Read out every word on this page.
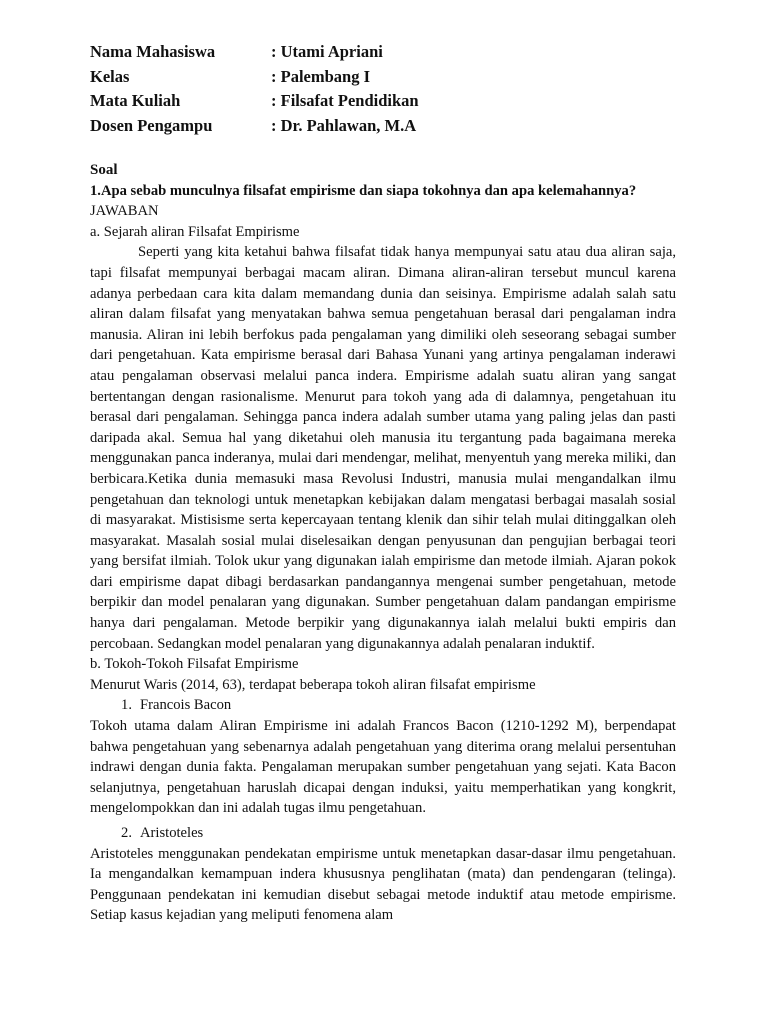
Nama Mahasiswa	: Utami Apriani
Kelas	: Palembang I
Mata Kuliah	: Filsafat Pendidikan
Dosen Pengampu	: Dr. Pahlawan, M.A

Soal

1.Apa sebab munculnya filsafat empirisme dan siapa tokohnya dan apa kelemahannya?

JAWABAN

a. Sejarah aliran Filsafat Empirisme

Seperti yang kita ketahui bahwa filsafat tidak hanya mempunyai satu atau dua aliran saja, tapi filsafat mempunyai berbagai macam aliran. Dimana aliran-aliran tersebut muncul karena adanya perbedaan cara kita dalam memandang dunia dan seisinya. Empirisme adalah salah satu aliran dalam filsafat yang menyatakan bahwa semua pengetahuan berasal dari pengalaman indra manusia. Aliran ini lebih berfokus pada pengalaman yang dimiliki oleh seseorang sebagai sumber dari pengetahuan. Kata empirisme berasal dari Bahasa Yunani yang artinya pengalaman inderawi atau pengalaman observasi melalui panca indera. Empirisme adalah suatu aliran yang sangat bertentangan dengan rasionalisme. Menurut para tokoh yang ada di dalamnya, pengetahuan itu berasal dari pengalaman. Sehingga panca indera adalah sumber utama yang paling jelas dan pasti daripada akal. Semua hal yang diketahui oleh manusia itu tergantung pada bagaimana mereka menggunakan panca inderanya, mulai dari mendengar, melihat, menyentuh yang mereka miliki, dan berbicara.Ketika dunia memasuki masa Revolusi Industri, manusia mulai mengandalkan ilmu pengetahuan dan teknologi untuk menetapkan kebijakan dalam mengatasi berbagai masalah sosial di masyarakat. Mistisisme serta kepercayaan tentang klenik dan sihir telah mulai ditinggalkan oleh masyarakat. Masalah sosial mulai diselesaikan dengan penyusunan dan pengujian berbagai teori yang bersifat ilmiah. Tolok ukur yang digunakan ialah empirisme dan metode ilmiah. Ajaran pokok dari empirisme dapat dibagi berdasarkan pandangannya mengenai sumber pengetahuan, metode berpikir dan model penalaran yang digunakan. Sumber pengetahuan dalam pandangan empirisme hanya dari pengalaman. Metode berpikir yang digunakannya ialah melalui bukti empiris dan percobaan. Sedangkan model penalaran yang digunakannya adalah penalaran induktif.

b. Tokoh-Tokoh Filsafat Empirisme

Menurut Waris (2014, 63), terdapat beberapa tokoh aliran filsafat empirisme

1. Francois Bacon

Tokoh utama dalam Aliran Empirisme ini adalah Francos Bacon (1210-1292 M), berpendapat bahwa pengetahuan yang sebenarnya adalah pengetahuan yang diterima orang melalui persentuhan indrawi dengan dunia fakta. Pengalaman merupakan sumber pengetahuan yang sejati. Kata Bacon selanjutnya, pengetahuan haruslah dicapai dengan induksi, yaitu memperhatikan yang kongkrit, mengelompokkan dan ini adalah tugas ilmu pengetahuan.

2. Aristoteles

Aristoteles menggunakan pendekatan empirisme untuk menetapkan dasar-dasar ilmu pengetahuan. Ia mengandalkan kemampuan indera khususnya penglihatan (mata) dan pendengaran (telinga). Penggunaan pendekatan ini kemudian disebut sebagai metode induktif atau metode empirisme. Setiap kasus kejadian yang meliputi fenomena alam
